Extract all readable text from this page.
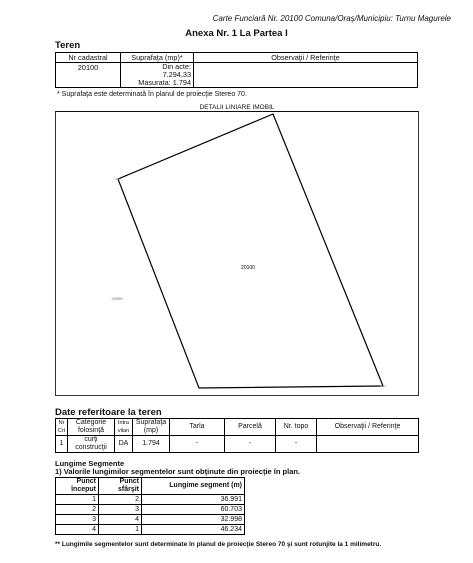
Carte Funciară Nr. 20100 Comuna/Oraş/Municipiu: Turnu Magurele
Anexa Nr. 1 La Partea I
Teren
Nr cadastral	Suprafaţa (mp)*	Observaţii / Referinţe
20100	Din acte:
7.294,33
Masurata: 1.794	

* Suprafaţa este determinată în planul de proiecţie Stereo 70.
20100
20099
DETALII LINIARE IMOBIL
Date referitoare la teren
Nr Crt	Categorie folosinţă	Intra vilan	Suprafaţa (mp)	Tarla	Parcelă	Nr. topo	Observaţii / Referinţe
1	curţi construcţii	DA	1.794	-	-	-	
Lungime Segmente
1) Valorile lungimilor segmentelor sunt obţinute din proiecţie în plan.
Punct început	Punct sfârşit	Lungime segment (m)
1	2	36.991
2	3	60.703
3	4	32.998
4	1	46.234
** Lungimile segmentelor sunt determinate în planul de proiecţie Stereo 70 şi sunt rotunjite la 1 milimetru.
